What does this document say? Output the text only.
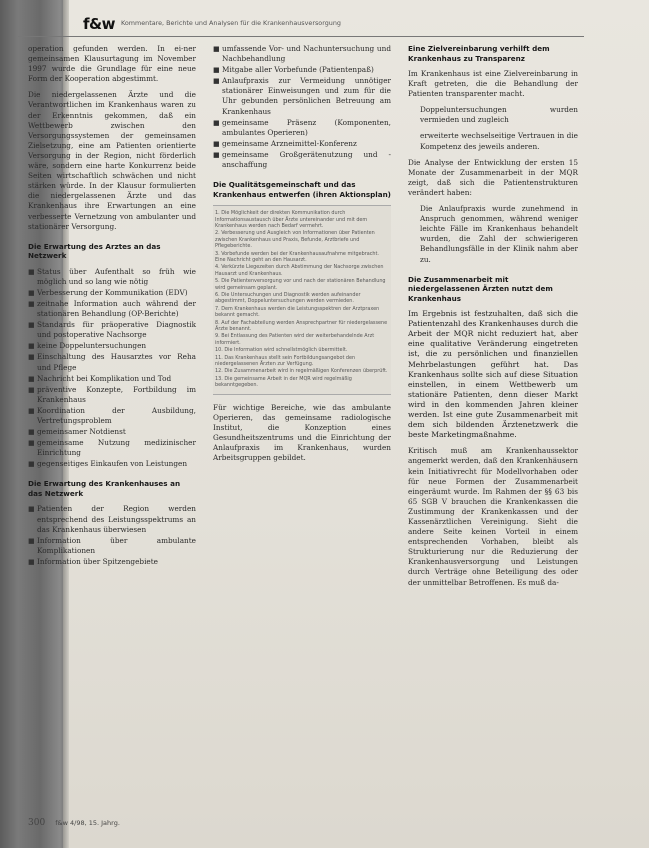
f&w Kommentare, Berichte und Analysen für die Krankenhausversorgung

operation gefunden werden. In ei-ner gemeinsamen Klausurtagung im November 1997 wurde die Grundlage für eine neue Form der Kooperation abgestimmt.

Die niedergelassenen Ärzte und die Verantwortlichen im Krankenhaus waren zu der Erkenntnis gekommen, daß ein Wettbewerb zwischen den Versorgungssystemen der gemeinsamen Zielsetzung, eine am Patienten orientierte Versorgung in der Region, nicht förderlich wäre, sondern eine harte Konkurrenz beide Seiten wirtschaftlich schwächen und nicht stärken würde. In der Klausur formulierten die niedergelassenen Ärzte und das Krankenhaus ihre Erwartungen an eine verbesserte Vernetzung von ambulanter und stationärer Versorgung.

Die Erwartung des Arztes an das Netzwerk
■ Status über Aufenthalt so früh wie möglich und so lang wie nötig
■ Verbesserung der Kommunikation (EDV)
■ zeitnahe Information auch während der stationären Behandlung (OP-Berichte)
■ Standards für präoperative Diagnostik und postoperative Nachsorge
■ keine Doppeluntersuchungen
■ Einschaltung des Hausarztes vor Reha und Pflege
■ Nachricht bei Komplikation und Tod
■ präventive Konzepte, Fortbildung im Krankenhaus
■ Koordination der Ausbildung, Vertretungsproblem
■ gemeinsamer Notdienst
■ gemeinsame Nutzung medizinischer Einrichtung
■ gegenseitiges Einkaufen von Leistungen
Die Erwartung des Krankenhauses an das Netzwerk
■ Patienten der Region werden entsprechend des Leistungsspektrums an das Krankenhaus überwiesen
■ Information über ambulante Komplikationen
■ Information über Spitzengebiete
■ umfassende Vor- und Nachuntersuchung und Nachbehandlung
■ Mitgabe aller Vorbefunde (Patientenpaß)
■ Anlaufpraxis zur Vermeidung unnötiger stationärer Einweisungen und zum für die Uhr gebunden persönlichen Betreuung am Krankenhaus
■ gemeinsame Präsenz (Komponenten, ambulantes Operieren)
■ gemeinsame Arzneimittel-Konferenz
■ gemeinsame Großgerätenutzung und -anschaffung
Die Qualitätsgemeinschaft und das Krankenhaus entwerfen (ihren Aktionsplan)
1. Die Möglichkeit der direkten Kommunikation durch Informationsaustausch über Ärzte untereinander und mit dem Krankenhaus werden nach Bedarf vermehrt.
2. Verbesserung und Ausgleich von Informationen über Patienten zwischen Krankenhaus und Praxis, Befunde, Arztbriefe und Pflegeberichte.
3. Vorbefunde werden bei der Krankenhausaufnahme mitgebracht. Eine Nachricht geht an den Hausarzt.
4. Verkürzte Liegezeiten durch Abstimmung der Nachsorge zwischen Hausarzt und Krankenhaus.
5. Die Patientenversorgung vor und nach der stationären Behandlung wird gemeinsam geplant.
6. Die Untersuchungen und Diagnostik werden aufeinander abgestimmt, Doppeluntersuchungen werden vermieden.
7. Dem Krankenhaus werden die Leistungsspektren der Arztpraxen bekannt gemacht.
8. Auf der Fachabteilung werden Ansprechpartner für niedergelassene Ärzte benannt.
9. Bei Entlassung des Patienten wird der weiterbehandelnde Arzt informiert.
10. Die Information wird schnellstmöglich übermittelt.
11. Das Krankenhaus stellt sein Fortbildungsangebot den niedergelassenen Ärzten zur Verfügung.
12. Die Zusammenarbeit wird in regelmäßigen Konferenzen überprüft.
13. Die gemeinsame Arbeit in der MQR wird regelmäßig bekanntgegeben.

Für wichtige Bereiche, wie das ambulante Operieren, das gemeinsame radiologische Institut, die Konzeption eines Gesundheitszentrums und die Einrichtung der Anlaufpraxis im Krankenhaus, wurden Arbeitsgruppen gebildet.

Eine Zielvereinbarung verhilft dem Krankenhaus zu Transparenz

Im Krankenhaus ist eine Zielvereinbarung in Kraft getreten, die die Behandlung der Patienten transparenter macht.

Doppeluntersuchungen wurden vermieden und zugleich

erweiterte wechselseitige Vertrauen in die Kompetenz des jeweils anderen.

Die Analyse der Entwicklung der ersten 15 Monate der Zusammenarbeit in der MQR zeigt, daß sich die Patientenstrukturen verändert haben:

Die Anlaufpraxis wurde zunehmend in Anspruch genommen, während weniger leichte Fälle im Krankenhaus behandelt wurden, die Zahl der schwierigeren Behandlungsfälle in der Klinik nahm aber zu.

Die Zusammenarbeit mit niedergelassenen Ärzten nutzt dem Krankenhaus

Im Ergebnis ist festzuhalten, daß sich die Patientenzahl des Krankenhauses durch die Arbeit der MQR nicht reduziert hat, aber eine qualitative Veränderung eingetreten ist, die zu persönlichen und finanziellen Mehrbelastungen geführt hat. Das Krankenhaus sollte sich auf diese Situation einstellen, in einem Wettbewerb um stationäre Patienten, denn dieser Markt wird in den kommenden Jahren kleiner werden. Ist eine gute Zusammenarbeit mit dem sich bildenden Ärztenetzwerk die beste Marketingmaßnahme.

Kritisch muß am Krankenhaussektor angemerkt werden, daß den Krankenhäusern kein Initiativrecht für Modellvorhaben oder für neue Formen der Zusammenarbeit eingeräumt wurde. Im Rahmen der §§ 63 bis 65 SGB V brauchen die Krankenkassen die Zustimmung der Krankenkassen und der Kassenärztlichen Vereinigung. Sieht die andere Seite keinen Vorteil in einem entsprechenden Vorhaben, bleibt als Strukturierung nur die Reduzierung der Krankenhausversorgung und Leistungen durch Verträge ohne Beteiligung des oder der unmittelbar Betroffenen. Es muß da-

300 f&w 4/98, 15. Jahrg.
